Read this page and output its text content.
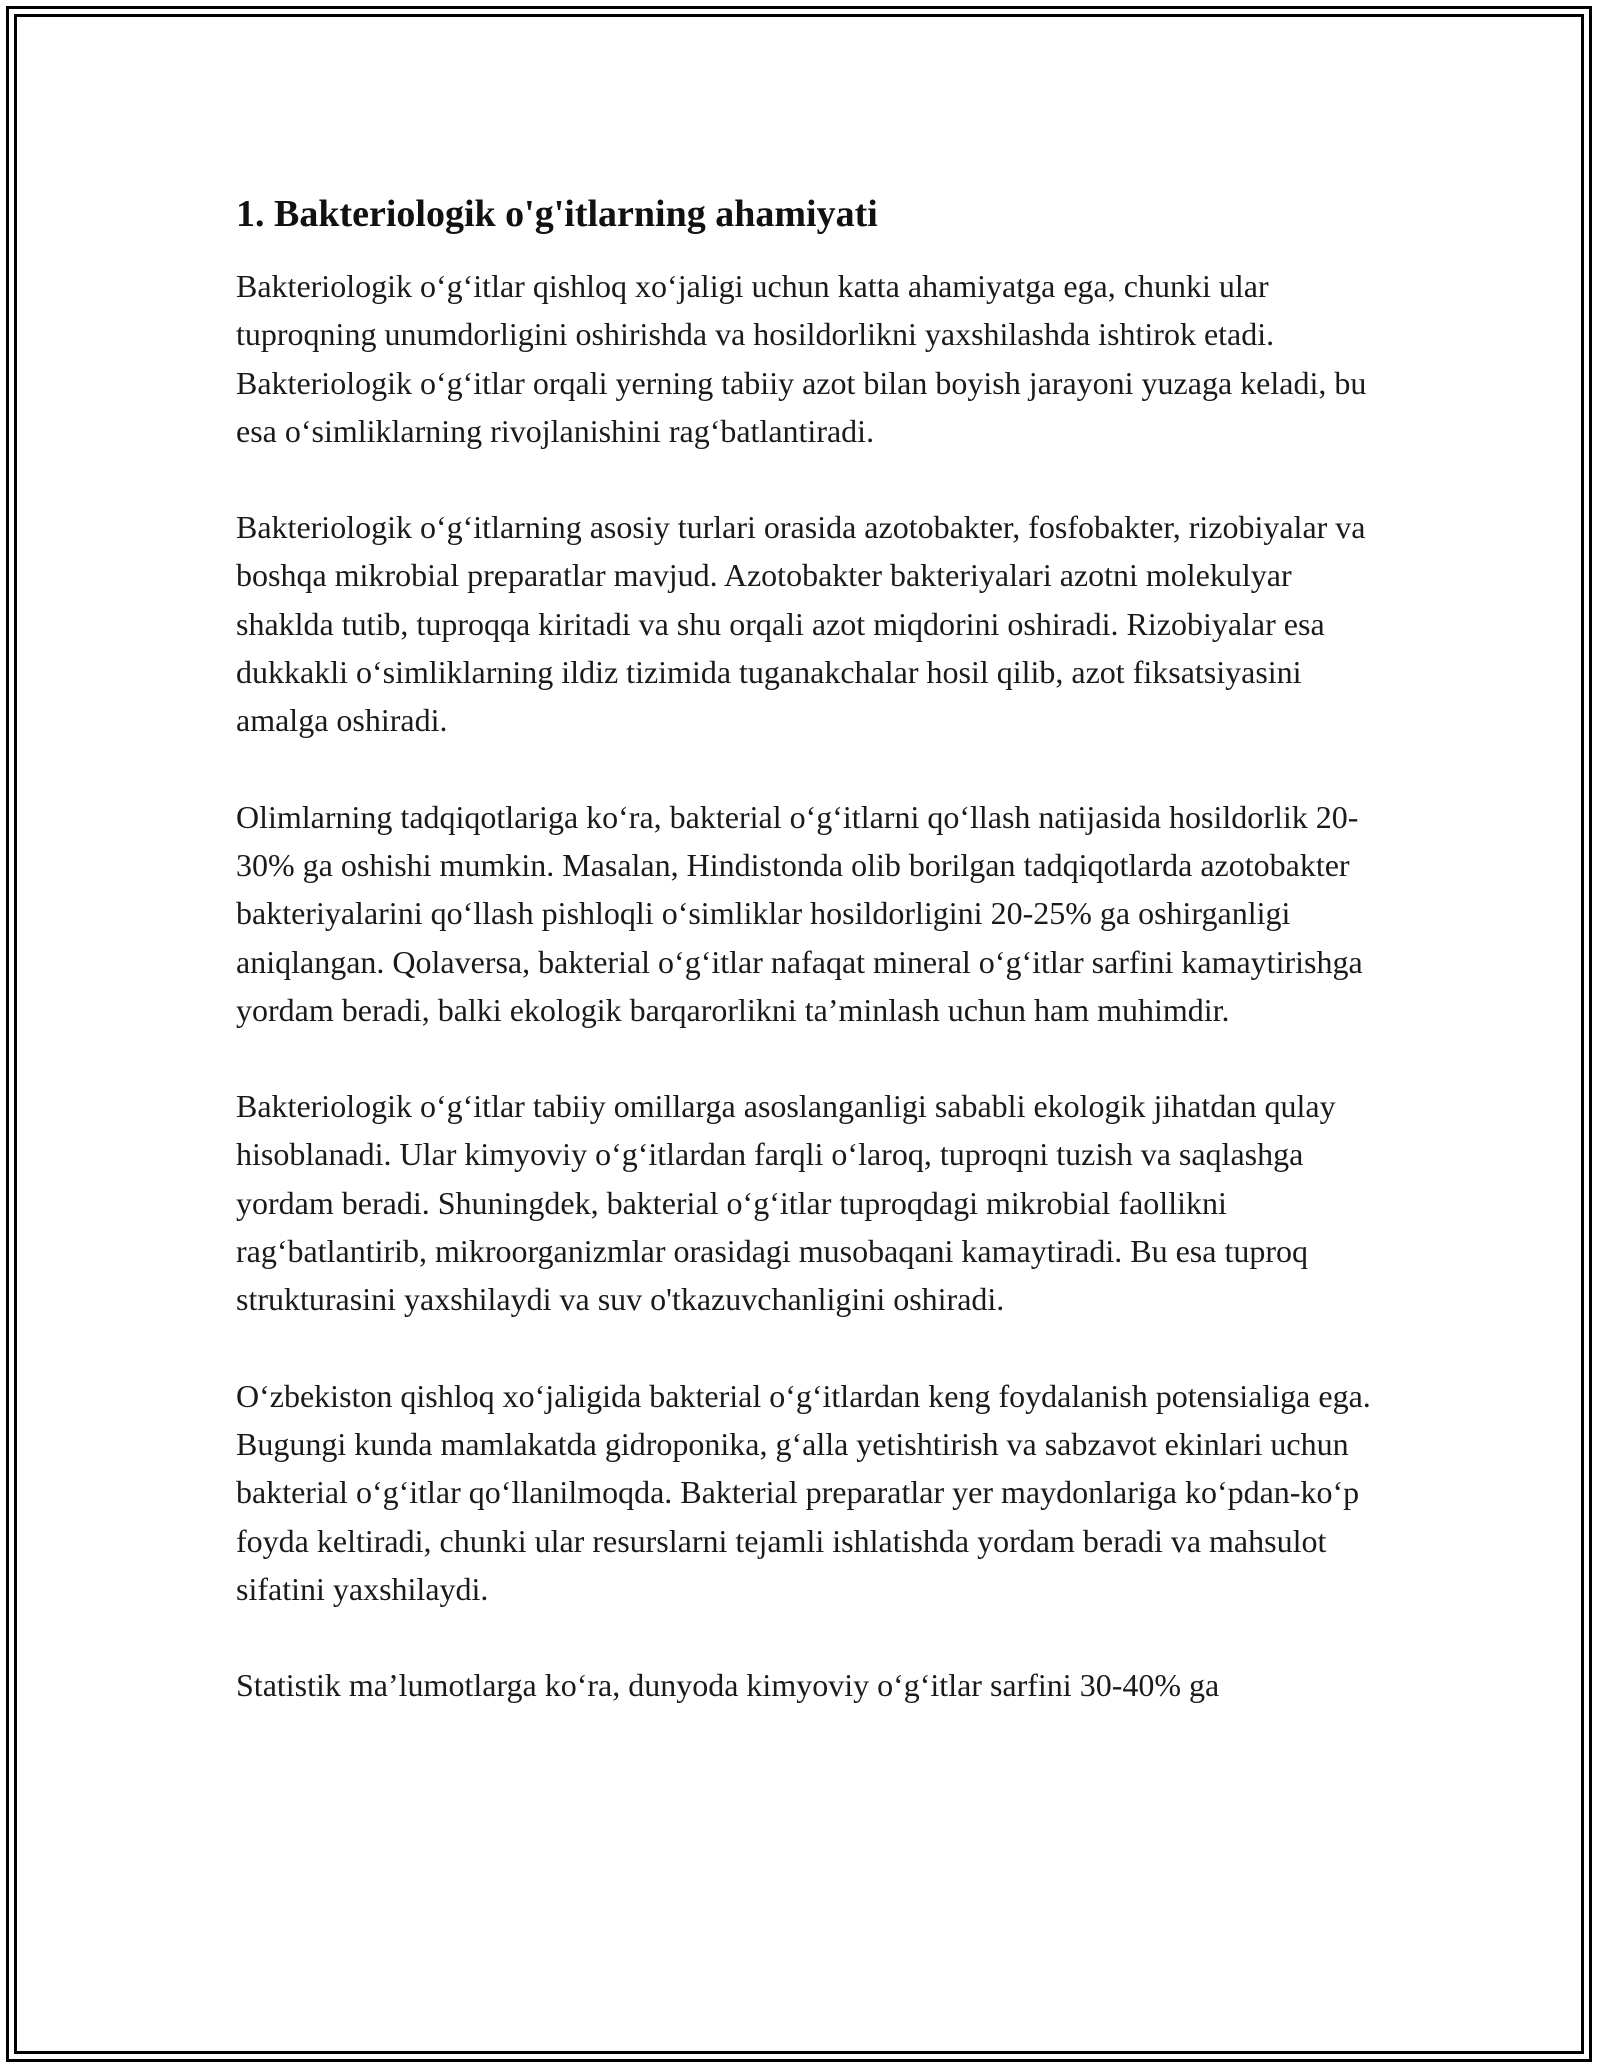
1. Bakteriologik o'g'itlarning ahamiyati

Bakteriologik o‘g‘itlar qishloq xo‘jaligi uchun katta ahamiyatga ega, chunki ular tuproqning unumdorligini oshirishda va hosildorlikni yaxshilashda ishtirok etadi. Bakteriologik o‘g‘itlar orqali yerning tabiiy azot bilan boyish jarayoni yuzaga keladi, bu esa o‘simliklarning rivojlanishini rag‘batlantiradi.

Bakteriologik o‘g‘itlarning asosiy turlari orasida azotobakter, fosfobakter, rizobiyalar va boshqa mikrobial preparatlar mavjud. Azotobakter bakteriyalari azotni molekulyar shaklda tutib, tuproqqa kiritadi va shu orqali azot miqdorini oshiradi. Rizobiyalar esa dukkakli o‘simliklarning ildiz tizimida tuganakchalar hosil qilib, azot fiksatsiyasini amalga oshiradi.

Olimlarning tadqiqotlariga ko‘ra, bakterial o‘g‘itlarni qo‘llash natijasida hosildorlik 20-30% ga oshishi mumkin. Masalan, Hindistonda olib borilgan tadqiqotlarda azotobakter bakteriyalarini qo‘llash pishloqli o‘simliklar hosildorligini 20-25% ga oshirganligi aniqlangan. Qolaversa, bakterial o‘g‘itlar nafaqat mineral o‘g‘itlar sarfini kamaytirishga yordam beradi, balki ekologik barqarorlikni ta’minlash uchun ham muhimdir.

Bakteriologik o‘g‘itlar tabiiy omillarga asoslanganligi sababli ekologik jihatdan qulay hisoblanadi. Ular kimyoviy o‘g‘itlardan farqli o‘laroq, tuproqni tuzish va saqlashga yordam beradi. Shuningdek, bakterial o‘g‘itlar tuproqdagi mikrobial faollikni rag‘batlantirib, mikroorganizmlar orasidagi musobaqani kamaytiradi. Bu esa tuproq strukturasini yaxshilaydi va suv o'tkazuvchanligini oshiradi.

O‘zbekiston qishloq xo‘jaligida bakterial o‘g‘itlardan keng foydalanish potensialiga ega. Bugungi kunda mamlakatda gidroponika, g‘alla yetishtirish va sabzavot ekinlari uchun bakterial o‘g‘itlar qo‘llanilmoqda. Bakterial preparatlar yer maydonlariga ko‘pdan-ko‘p foyda keltiradi, chunki ular resurslarni tejamli ishlatishda yordam beradi va mahsulot sifatini yaxshilaydi.

Statistik ma’lumotlarga ko‘ra, dunyoda kimyoviy o‘g‘itlar sarfini 30-40% ga
